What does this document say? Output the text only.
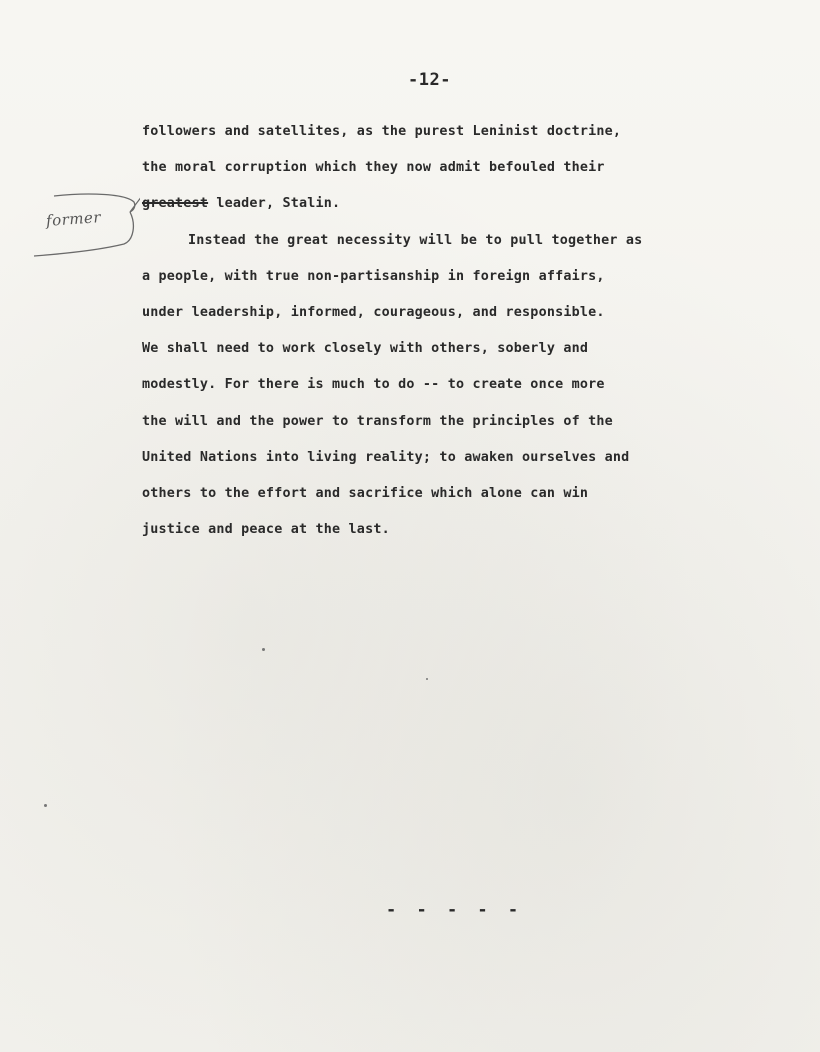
-12-
former
followers and satellites, as the purest Leninist doctrine,
the moral corruption which they now admit befouled their
greatest leader, Stalin.
Instead the great necessity will be to pull together as
a people, with true non-partisanship in foreign affairs,
under leadership, informed, courageous, and responsible.
We shall need to work closely with others, soberly and
modestly. For there is much to do -- to create once more
the will and the power to transform the principles of the
United Nations into living reality; to awaken ourselves and
others to the effort and sacrifice which alone can win
justice and peace at the last.
- - - - -
